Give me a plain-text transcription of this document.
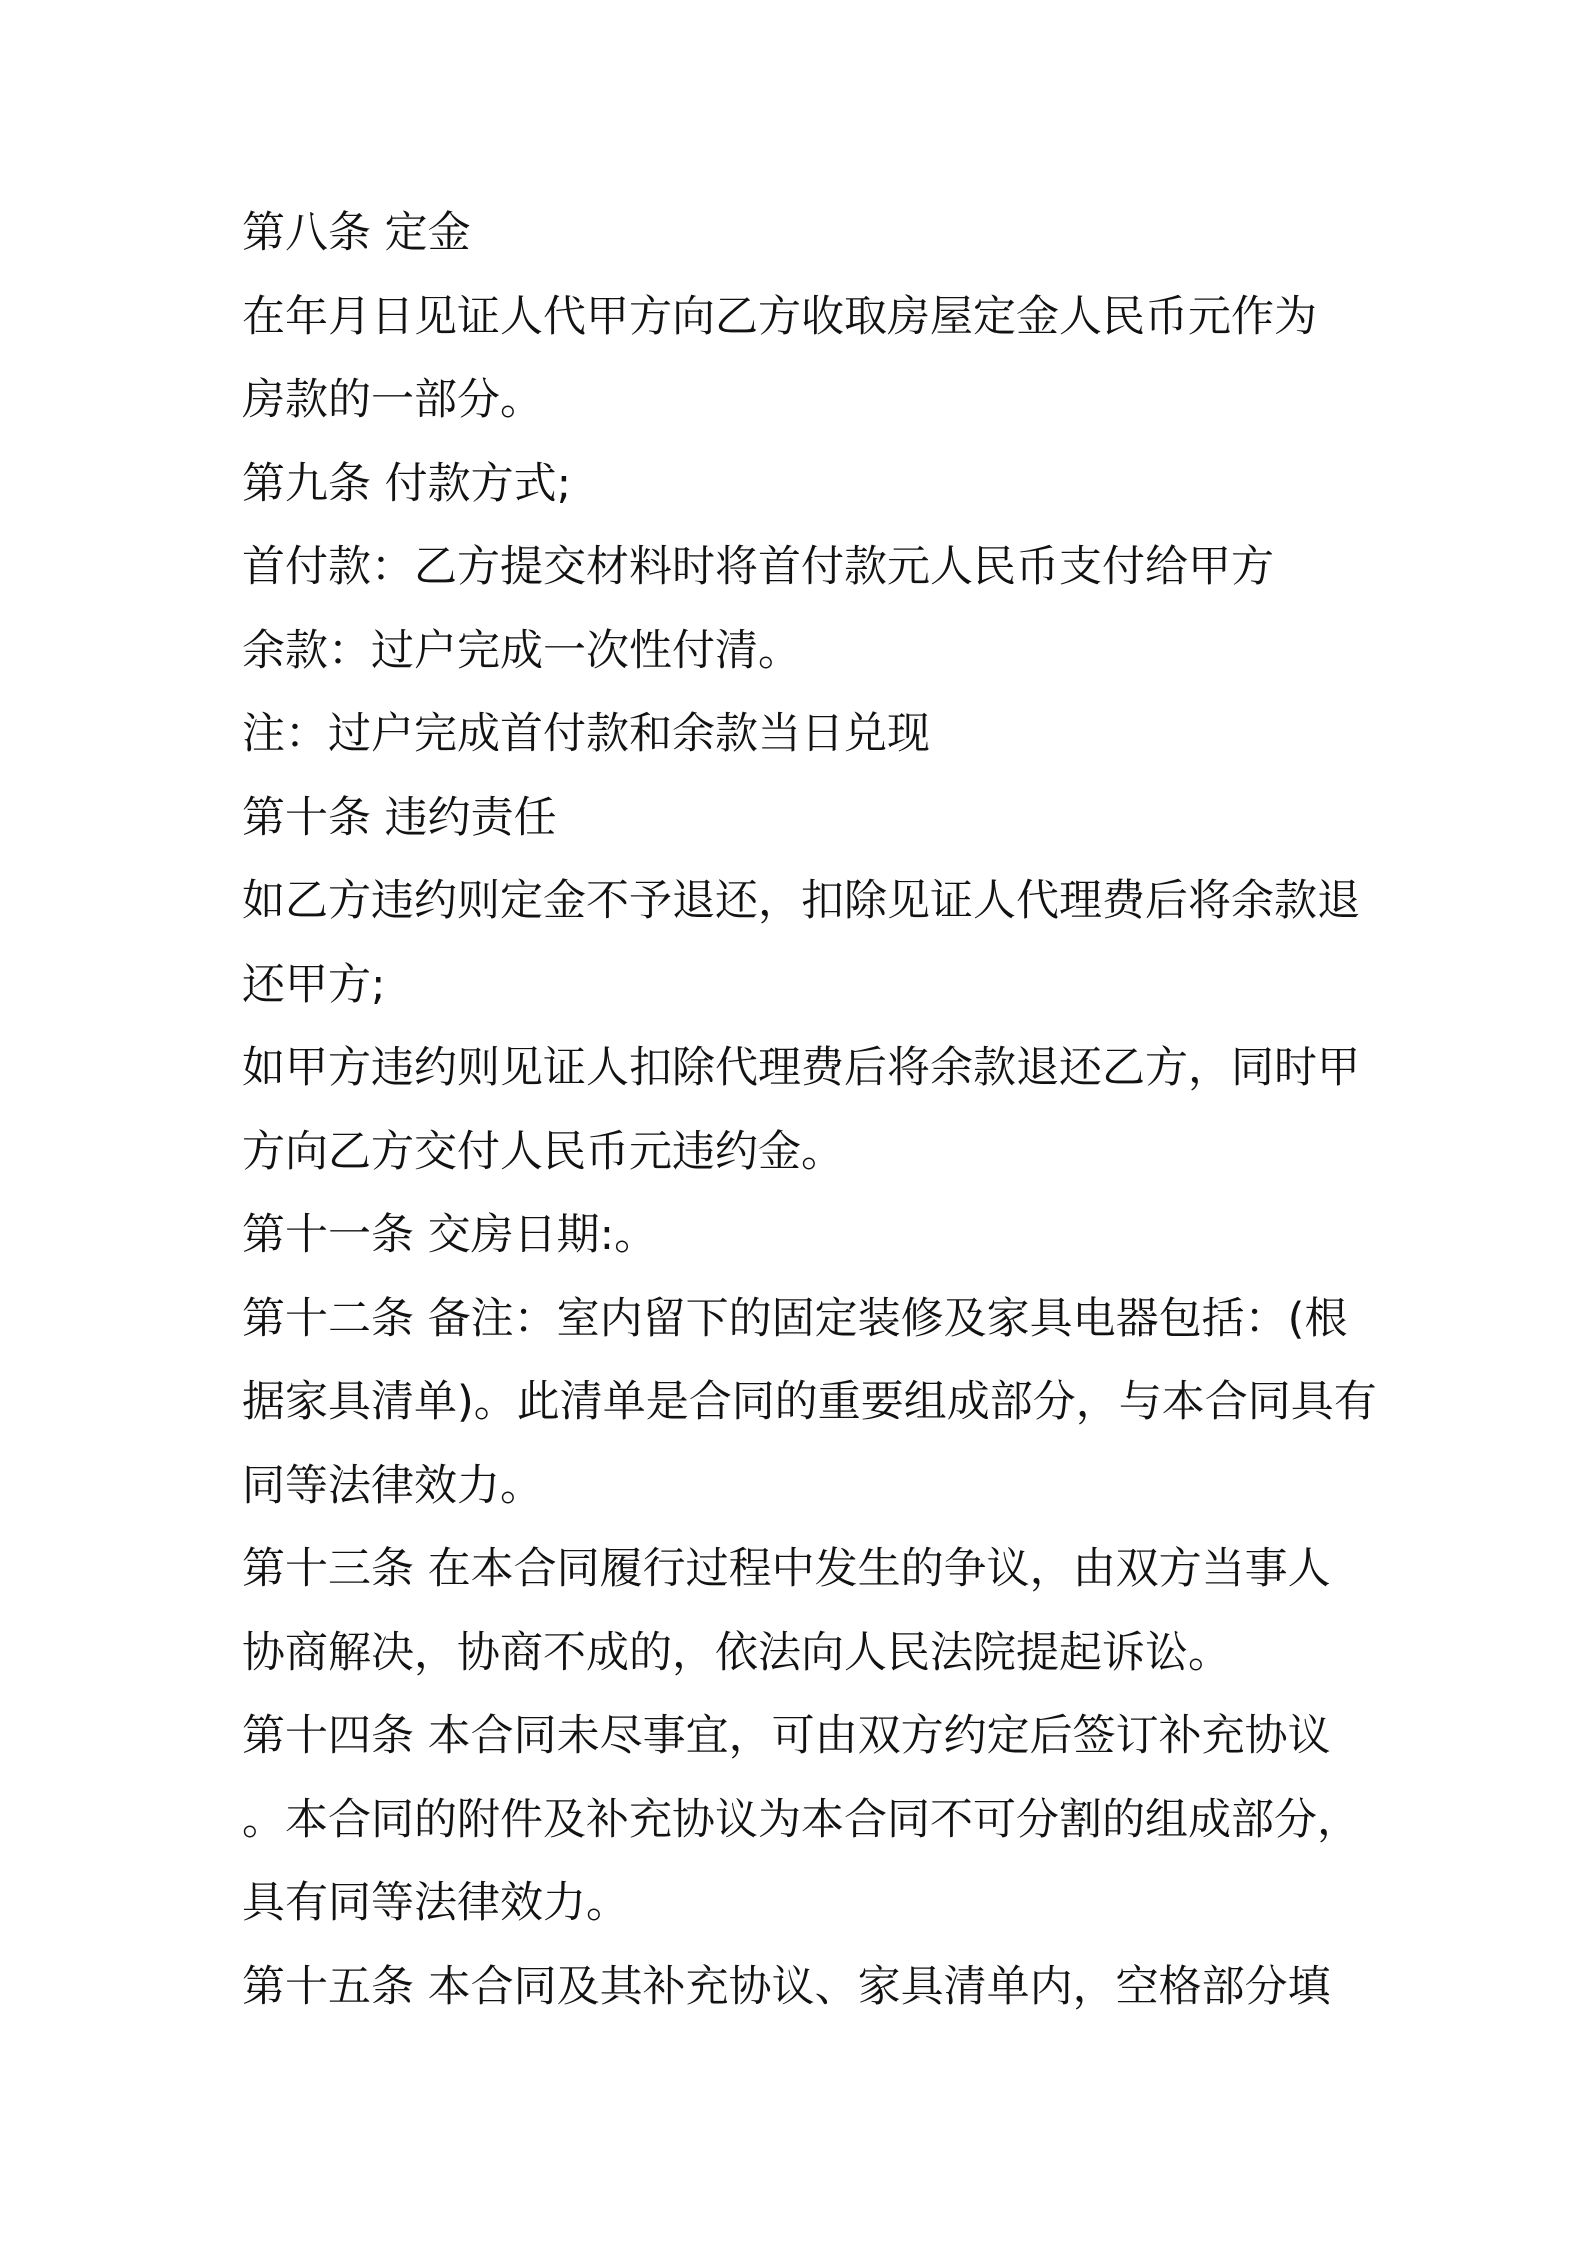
第八条 定金
在年月日见证人代甲方向乙方收取房屋定金人民币元作为
房款的一部分。
第九条 付款方式;
首付款：乙方提交材料时将首付款元人民币支付给甲方
余款：过户完成一次性付清。
注：过户完成首付款和余款当日兑现
第十条 违约责任
如乙方违约则定金不予退还，扣除见证人代理费后将余款退
还甲方;
如甲方违约则见证人扣除代理费后将余款退还乙方，同时甲
方向乙方交付人民币元违约金。
第十一条 交房日期:。
第十二条 备注：室内留下的固定装修及家具电器包括：(根
据家具清单)。此清单是合同的重要组成部分，与本合同具有
同等法律效力。
第十三条 在本合同履行过程中发生的争议，由双方当事人
协商解决，协商不成的，依法向人民法院提起诉讼。
第十四条 本合同未尽事宜，可由双方约定后签订补充协议
。本合同的附件及补充协议为本合同不可分割的组成部分，
具有同等法律效力。
第十五条 本合同及其补充协议、家具清单内，空格部分填
